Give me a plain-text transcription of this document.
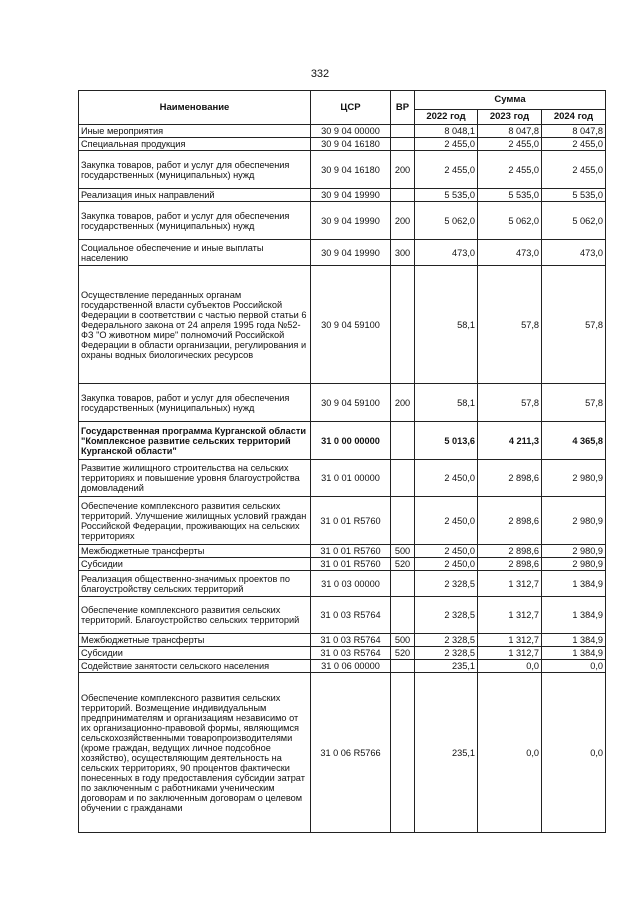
332
Наименование	ЦСР	ВР	Сумма		
			2022 год	2023 год	2024 год
Иные мероприятия	30 9 04 00000		8 048,1	8 047,8	8 047,8
Специальная продукция	30 9 04 16180		2 455,0	2 455,0	2 455,0
Закупка товаров, работ и услуг для обеспечения государственных (муниципальных) нужд	30 9 04 16180	200	2 455,0	2 455,0	2 455,0
Реализация иных направлений	30 9 04 19990		5 535,0	5 535,0	5 535,0
Закупка товаров, работ и услуг для обеспечения государственных (муниципальных) нужд	30 9 04 19990	200	5 062,0	5 062,0	5 062,0
Социальное обеспечение и иные выплаты населению	30 9 04 19990	300	473,0	473,0	473,0
Осуществление переданных органам государственной власти субъектов Российской Федерации в соответствии с частью первой статьи 6 Федерального закона от 24 апреля 1995 года №52-ФЗ "О животном мире" полномочий Российской Федерации в области организации, регулирования и охраны водных биологических ресурсов	30 9 04 59100		58,1	57,8	57,8
Закупка товаров, работ и услуг для обеспечения государственных (муниципальных) нужд	30 9 04 59100	200	58,1	57,8	57,8
Государственная программа Курганской области "Комплексное развитие сельских территорий Курганской области"	31 0 00 00000		5 013,6	4 211,3	4 365,8
Развитие жилищного строительства на сельских территориях и повышение уровня благоустройства домовладений	31 0 01 00000		2 450,0	2 898,6	2 980,9
Обеспечение комплексного развития сельских территорий. Улучшение жилищных условий граждан Российской Федерации, проживающих на сельских территориях	31 0 01 R5760		2 450,0	2 898,6	2 980,9
Межбюджетные трансферты	31 0 01 R5760	500	2 450,0	2 898,6	2 980,9
Субсидии	31 0 01 R5760	520	2 450,0	2 898,6	2 980,9
Реализация общественно-значимых проектов по благоустройству сельских территорий	31 0 03 00000		2 328,5	1 312,7	1 384,9
Обеспечение комплексного развития сельских территорий. Благоустройство сельских территорий	31 0 03 R5764		2 328,5	1 312,7	1 384,9
Межбюджетные трансферты	31 0 03 R5764	500	2 328,5	1 312,7	1 384,9
Субсидии	31 0 03 R5764	520	2 328,5	1 312,7	1 384,9
Содействие занятости сельского населения	31 0 06 00000		235,1	0,0	0,0
Обеспечение комплексного развития сельских территорий. Возмещение индивидуальным предпринимателям и организациям независимо от их организационно-правовой формы, являющимся сельскохозяйственными товаропроизводителями (кроме граждан, ведущих личное подсобное хозяйство), осуществляющим деятельность на сельских территориях, 90 процентов фактически понесенных в году предоставления субсидии затрат по заключенным с работниками ученическим договорам и по заключенным договорам о целевом обучении с гражданами	31 0 06 R5766		235,1	0,0	0,0
